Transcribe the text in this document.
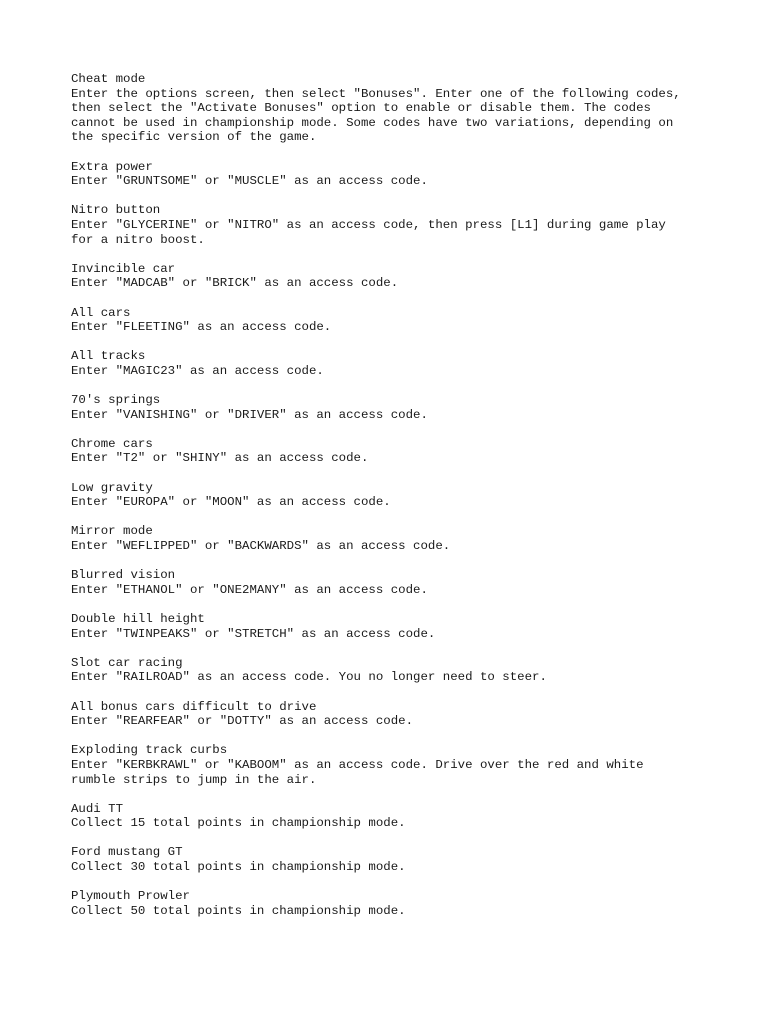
Cheat mode
Enter the options screen, then select "Bonuses". Enter one of the following codes,
then select the "Activate Bonuses" option to enable or disable them. The codes
cannot be used in championship mode. Some codes have two variations, depending on
the specific version of the game.
Extra power
Enter "GRUNTSOME" or "MUSCLE" as an access code.
Nitro button
Enter "GLYCERINE" or "NITRO" as an access code, then press [L1] during game play
for a nitro boost.
Invincible car
Enter "MADCAB" or "BRICK" as an access code.
All cars
Enter "FLEETING" as an access code.
All tracks
Enter "MAGIC23" as an access code.
70's springs
Enter "VANISHING" or "DRIVER" as an access code.
Chrome cars
Enter "T2" or "SHINY" as an access code.
Low gravity
Enter "EUROPA" or "MOON" as an access code.
Mirror mode
Enter "WEFLIPPED" or "BACKWARDS" as an access code.
Blurred vision
Enter "ETHANOL" or "ONE2MANY" as an access code.
Double hill height
Enter "TWINPEAKS" or "STRETCH" as an access code.
Slot car racing
Enter "RAILROAD" as an access code. You no longer need to steer.
All bonus cars difficult to drive
Enter "REARFEAR" or "DOTTY" as an access code.
Exploding track curbs
Enter "KERBKRAWL" or "KABOOM" as an access code. Drive over the red and white
rumble strips to jump in the air.
Audi TT
Collect 15 total points in championship mode.
Ford mustang GT
Collect 30 total points in championship mode.
Plymouth Prowler
Collect 50 total points in championship mode.
